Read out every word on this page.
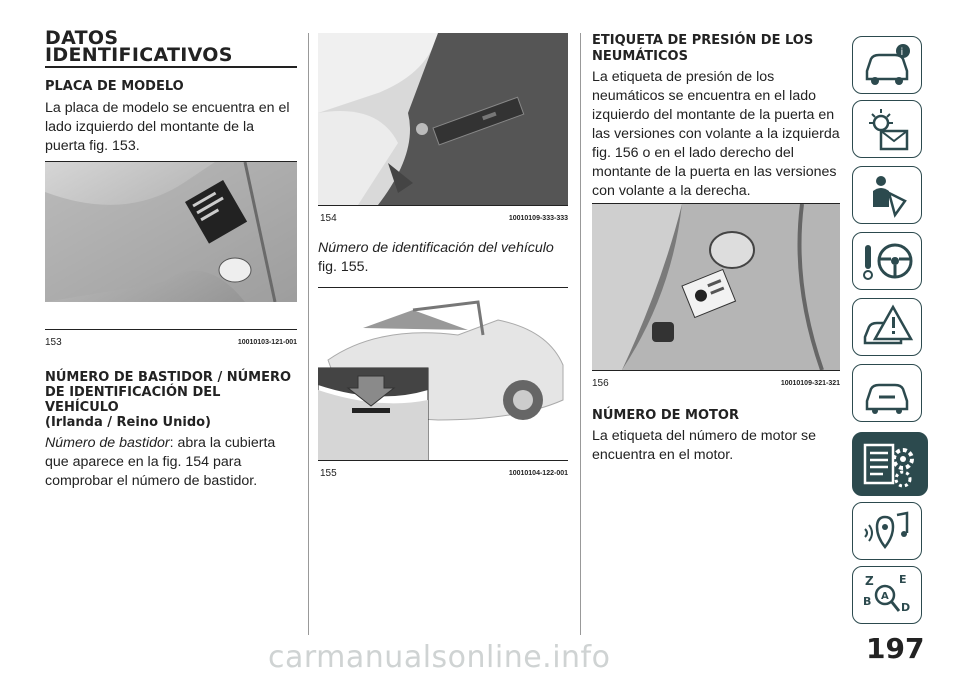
DATOS
IDENTIFICATIVOS
PLACA DE MODELO

La placa de modelo se encuentra en el

lado izquierdo del montante de la

puerta fig. 153.

153	10010103-121-001
NÚMERO DE BASTIDOR / NÚMERO
DE IDENTIFICACIÓN DEL
VEHÍCULO
(Irlanda / Reino Unido)

Número de bastidor: abra la cubierta

que aparece en la fig. 154 para

comprobar el número de bastidor.

154	10010109-333-333

Número de identificación del vehículo

fig. 155.

155	10010104-122-001
ETIQUETA DE PRESIÓN DE LOS
NEUMÁTICOS

La etiqueta de presión de los

neumáticos se encuentra en el lado

izquierdo del montante de la puerta en

las versiones con volante a la izquierda

fig. 156 o en el lado derecho del

montante de la puerta en las versiones

con volante a la derecha.

156	10010109-321-321
NÚMERO DE MOTOR

La etiqueta del número de motor se

encuentra en el motor.

i
Z E
B	D
A
197
carmanualsonline.info
